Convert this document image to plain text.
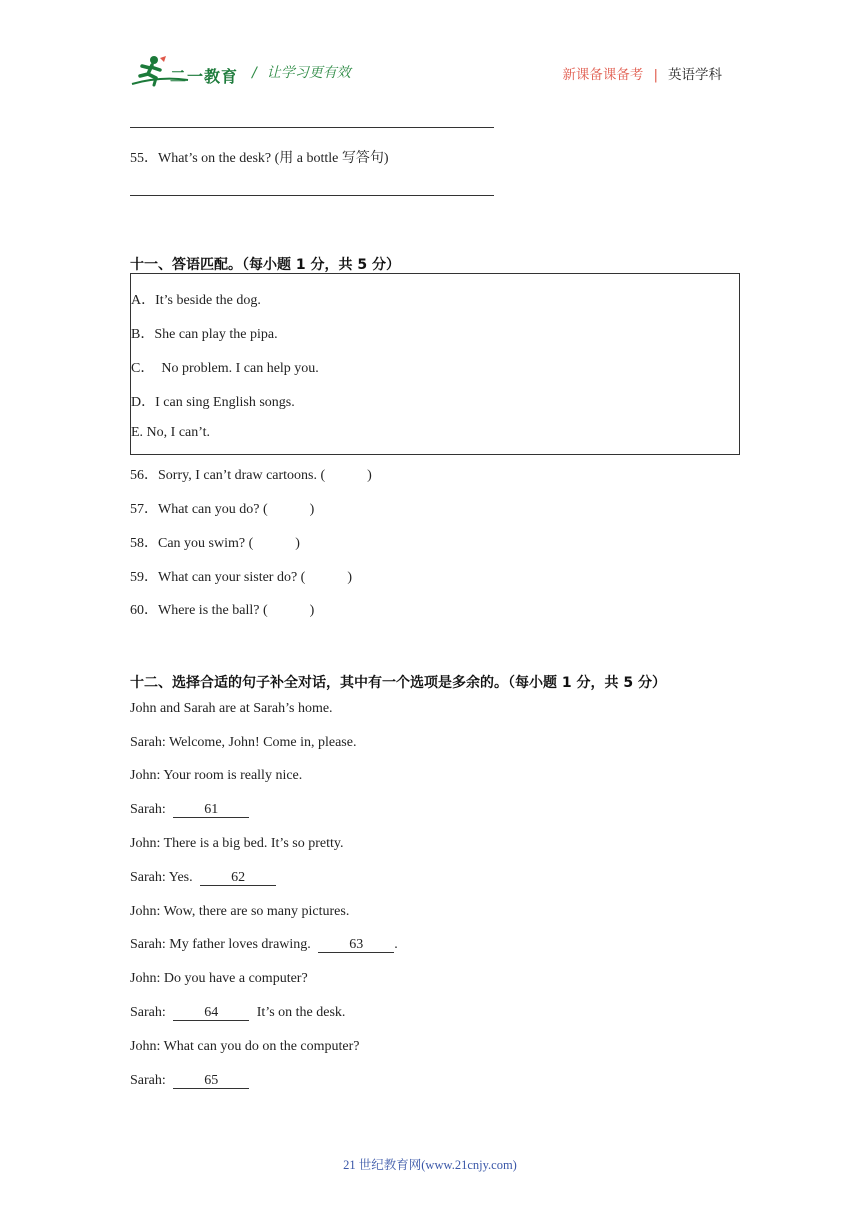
二一教育 / 让学习更有效	新课备课备考 | 英语学科
55．What’s on the desk? (用 a bottle 写答句)
十一、答语匹配。（每小题 1 分，共 5 分）
A．It’s beside the dog.
B．She can play the pipa.
C．  No problem. I can help you.
D．I can sing English songs.
E. No, I can’t.
56．Sorry, I can’t draw cartoons. (            )
57．What can you do? (            )
58．Can you swim? (            )
59．What can your sister do? (            )
60．Where is the ball? (            )
十二、选择合适的句子补全对话，其中有一个选项是多余的。（每小题 1 分，共 5 分）
John and Sarah are at Sarah’s home.
Sarah: Welcome, John! Come in, please.
John: Your room is really nice.
Sarah:	61
John: There is a big bed. It’s so pretty.
Sarah: Yes.	62
John: Wow, there are so many pictures.
Sarah: My father loves drawing.	63 .
John: Do you have a computer?
Sarah:	64	It’s on the desk.
John: What can you do on the computer?
Sarah:	65
21 世纪教育网(www.21cnjy.com)
